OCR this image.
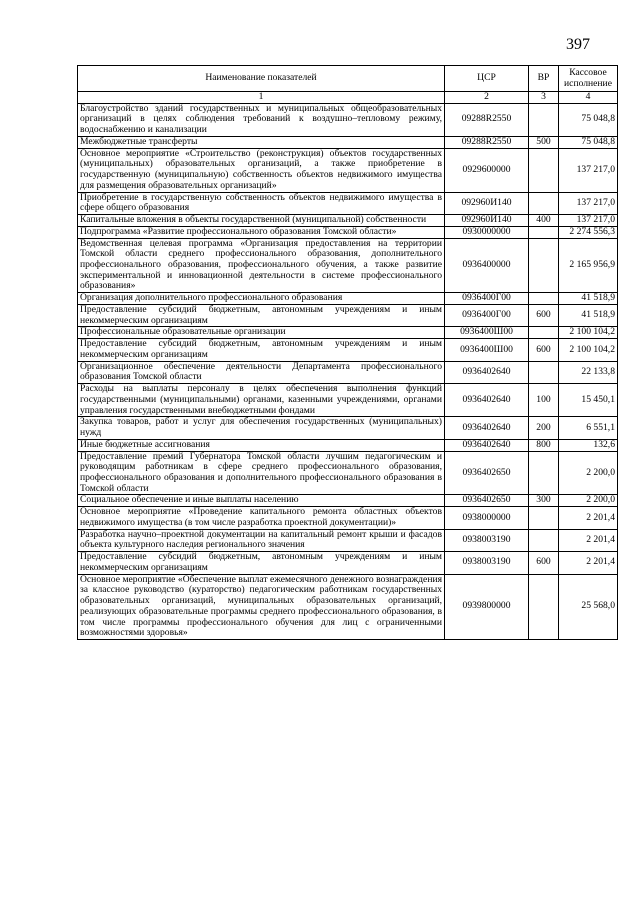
397
Наименование показателей	ЦСР	ВР	Кассовое исполнение
1	2	3	4
Благоустройство зданий государственных и муниципальных общеобразовательных организаций в целях соблюдения требований к воздушно–тепловому режиму, водоснабжению и канализации	09288R2550		75 048,8
Межбюджетные трансферты	09288R2550	500	75 048,8
Основное мероприятие «Строительство (реконструкция) объектов государственных (муниципальных) образовательных организаций, а также приобретение в государственную (муниципальную) собственность объектов недвижимого имущества для размещения образовательных организаций»	0929600000		137 217,0
Приобретение в государственную собственность объектов недвижимого имущества в сфере общего образования	092960И140		137 217,0
Капитальные вложения в объекты государственной (муниципальной) собственности	092960И140	400	137 217,0
Подпрограмма «Развитие профессионального образования Томской области»	0930000000		2 274 556,3
Ведомственная целевая программа «Организация предоставления на территории Томской области среднего профессионального образования, дополнительного профессионального образования, профессионального обучения, а также развитие экспериментальной и инновационной деятельности в системе профессионального образования»	0936400000		2 165 956,9
Организация дополнительного профессионального образования	0936400Г00		41 518,9
Предоставление субсидий бюджетным, автономным учреждениям и иным некоммерческим организациям	0936400Г00	600	41 518,9
Профессиональные образовательные организации	0936400Ш00		2 100 104,2
Предоставление субсидий бюджетным, автономным учреждениям и иным некоммерческим организациям	0936400Ш00	600	2 100 104,2
Организационное обеспечение деятельности Департамента профессионального образования Томской области	0936402640		22 133,8
Расходы на выплаты персоналу в целях обеспечения выполнения функций государственными (муниципальными) органами, казенными учреждениями, органами управления государственными внебюджетными фондами	0936402640	100	15 450,1
Закупка товаров, работ и услуг для обеспечения государственных (муниципальных) нужд	0936402640	200	6 551,1
Иные бюджетные ассигнования	0936402640	800	132,6
Предоставление премий Губернатора Томской области лучшим педагогическим и руководящим работникам в сфере среднего профессионального образования, профессионального образования и дополнительного профессионального образования в Томской области	0936402650		2 200,0
Социальное обеспечение и иные выплаты населению	0936402650	300	2 200,0
Основное мероприятие «Проведение капитального ремонта областных объектов недвижимого имущества (в том числе разработка проектной документации)»	0938000000		2 201,4
Разработка научно–проектной документации на капитальный ремонт крыши и фасадов объекта культурного наследия регионального значения	0938003190		2 201,4
Предоставление субсидий бюджетным, автономным учреждениям и иным некоммерческим организациям	0938003190	600	2 201,4
Основное мероприятие «Обеспечение выплат ежемесячного денежного вознаграждения за классное руководство (кураторство) педагогическим работникам государственных образовательных организаций, муниципальных образовательных организаций, реализующих образовательные программы среднего профессионального образования, в том числе программы профессионального обучения для лиц с ограниченными возможностями здоровья»	0939800000		25 568,0
